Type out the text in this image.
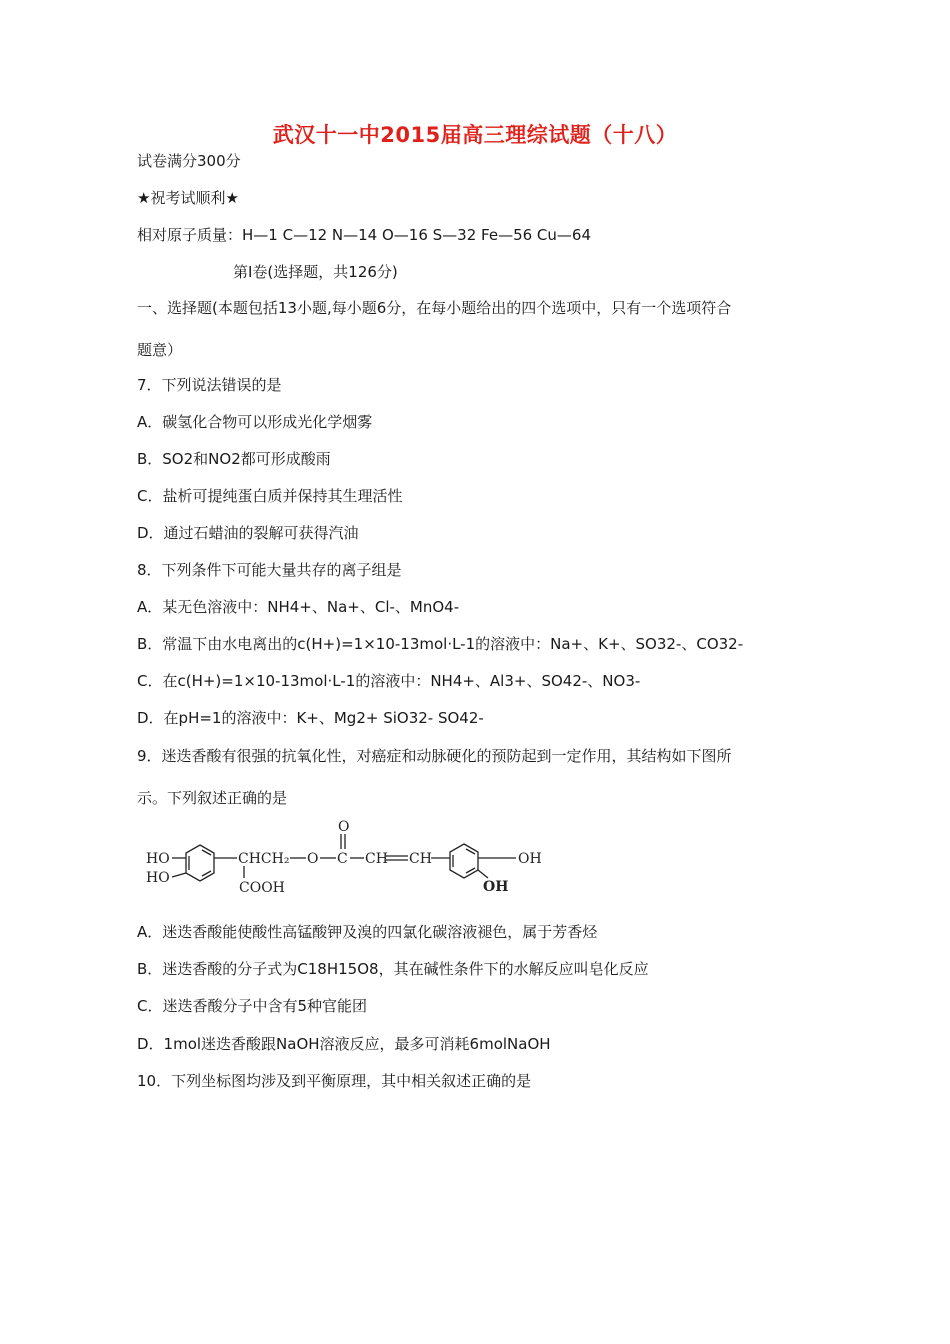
武汉十一中2015届高三理综试题（十八）
试卷满分300分
★祝考试顺利★
相对原子质量：H—1 C—12 N—14 O—16 S—32 Fe—56 Cu—64
第Ⅰ卷(选择题，共126分)
一、选择题(本题包括13小题,每小题6分，在每小题给出的四个选项中，只有一个选项符合
题意）
7．下列说法错误的是
A．碳氢化合物可以形成光化学烟雾
B．SO2和NO2都可形成酸雨
C．盐析可提纯蛋白质并保持其生理活性
D．通过石蜡油的裂解可获得汽油
8．下列条件下可能大量共存的离子组是
A．某无色溶液中：NH4+、Na+、Cl-、MnO4-
B．常温下由水电离出的c(H+)=1×10-13mol·L-1的溶液中：Na+、K+、SO32-、CO32-
C．在c(H+)=1×10-13mol·L-1的溶液中：NH4+、Al3+、SO42-、NO3-
D．在pH=1的溶液中：K+、Mg2+ SiO32- SO42-
9．迷迭香酸有很强的抗氧化性，对癌症和动脉硬化的预防起到一定作用，其结构如下图所
示。下列叙述正确的是
HO
HO
CHCH₂
COOH
O C
O
CH CH	OH
OH
A．迷迭香酸能使酸性高锰酸钾及溴的四氯化碳溶液褪色，属于芳香烃
B．迷迭香酸的分子式为C18H15O8，其在碱性条件下的水解反应叫皂化反应
C．迷迭香酸分子中含有5种官能团
D．1mol迷迭香酸跟NaOH溶液反应，最多可消耗6molNaOH
10．下列坐标图均涉及到平衡原理，其中相关叙述正确的是
